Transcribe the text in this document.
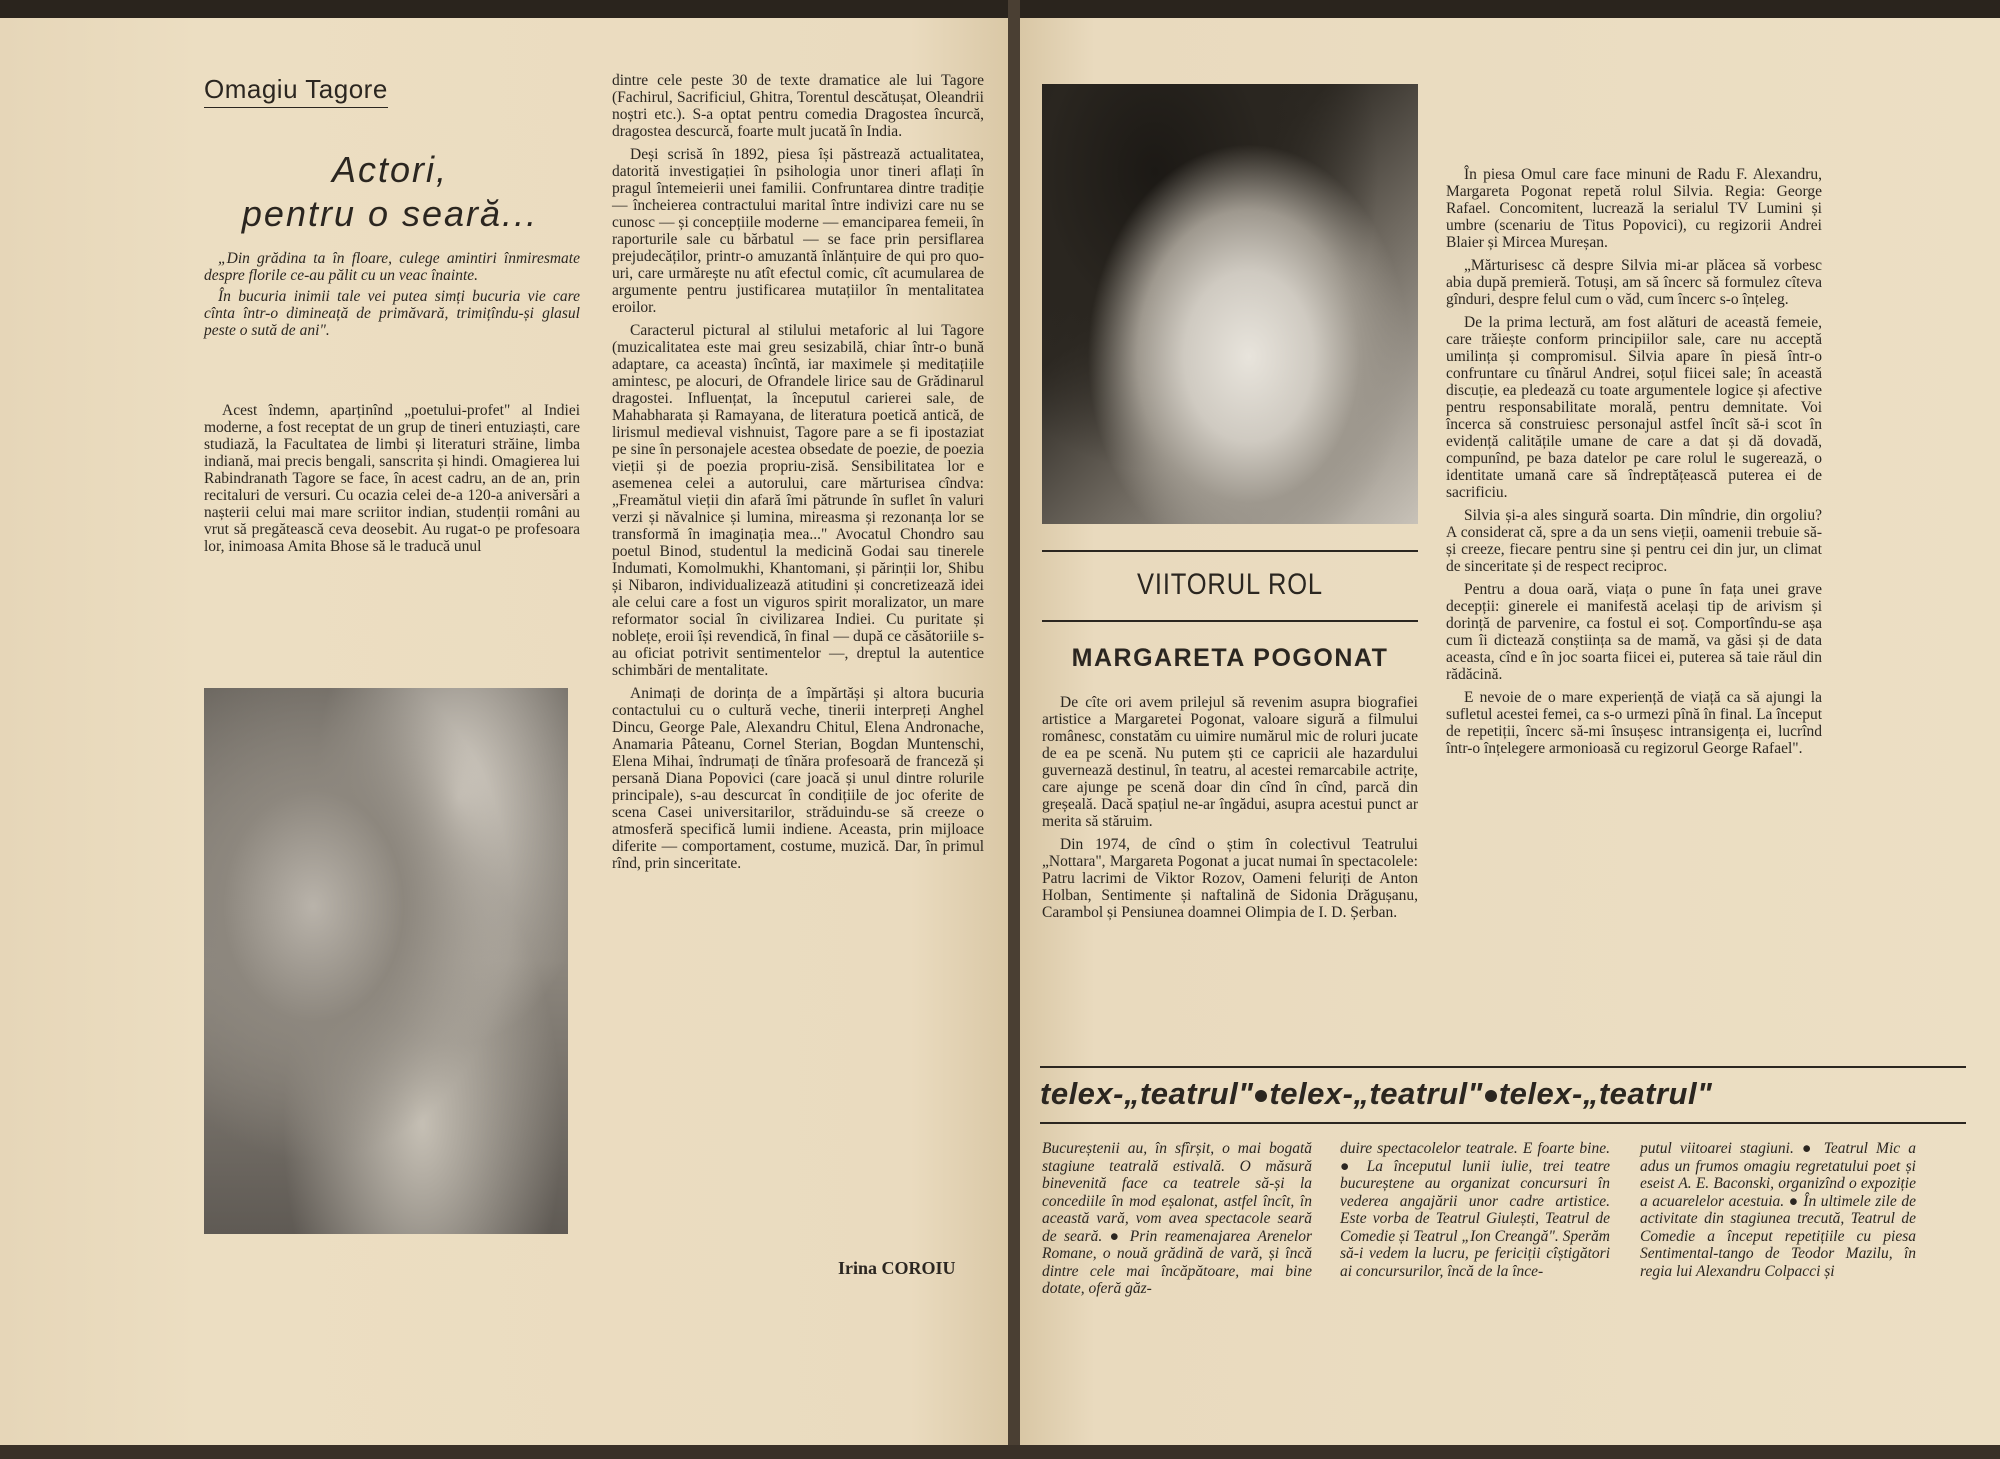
Omagiu Tagore
Actori,
pentru o seară...

„Din grădina ta în floare, culege amintiri înmiresmate despre florile ce-au pălit cu un veac înainte.

În bucuria inimii tale vei putea simți bucuria vie care cînta într-o dimineață de primăvară, trimițîndu-și glasul peste o sută de ani".

Acest îndemn, aparținînd „poetului-profet" al Indiei moderne, a fost receptat de un grup de tineri entuziaști, care studiază, la Facultatea de limbi și literaturi străine, limba indiană, mai precis bengali, sanscrita și hindi. Omagierea lui Rabindranath Tagore se face, în acest cadru, an de an, prin recitaluri de versuri. Cu ocazia celei de-a 120-a aniversări a nașterii celui mai mare scriitor indian, studenții români au vrut să pregătească ceva deosebit. Au rugat-o pe profesoara lor, inimoasa Amita Bhose să le traducă unul

dintre cele peste 30 de texte dramatice ale lui Tagore (Fachirul, Sacrificiul, Ghitra, Torentul descătușat, Oleandrii noștri etc.). S-a optat pentru comedia Dragostea încurcă, dragostea descurcă, foarte mult jucată în India.

Deși scrisă în 1892, piesa își păstrează actualitatea, datorită investigației în psihologia unor tineri aflați în pragul întemeierii unei familii. Confruntarea dintre tradiție — încheierea contractului marital între indivizi care nu se cunosc — și concepțiile moderne — emanciparea femeii, în raporturile sale cu bărbatul — se face prin persiflarea prejudecăților, printr-o amuzantă înlănțuire de qui pro quo-uri, care urmărește nu atît efectul comic, cît acumularea de argumente pentru justificarea mutațiilor în mentalitatea eroilor.

Caracterul pictural al stilului metaforic al lui Tagore (muzicalitatea este mai greu sesizabilă, chiar într-o bună adaptare, ca aceasta) încîntă, iar maximele și meditațiile amintesc, pe alocuri, de Ofrandele lirice sau de Grădinarul dragostei. Influențat, la începutul carierei sale, de Mahabharata și Ramayana, de literatura poetică antică, de lirismul medieval vishnuist, Tagore pare a se fi ipostaziat pe sine în personajele acestea obsedate de poezie, de poezia vieții și de poezia propriu-zisă. Sensibilitatea lor e asemenea celei a autorului, care mărturisea cîndva: „Freamătul vieții din afară îmi pătrunde în suflet în valuri verzi și năvalnice și lumina, mireasma și rezonanța lor se transformă în imaginația mea..." Avocatul Chondro sau poetul Binod, studentul la medicină Godai sau tinerele Indumati, Komolmukhi, Khantomani, și părinții lor, Shibu și Nibaron, individualizează atitudini și concretizează idei ale celui care a fost un viguros spirit moralizator, un mare reformator social în civilizarea Indiei. Cu puritate și noblețe, eroii își revendică, în final — după ce căsătoriile s-au oficiat potrivit sentimentelor —, dreptul la autentice schimbări de mentalitate.

Animați de dorința de a împărtăși și altora bucuria contactului cu o cultură veche, tinerii interpreți Anghel Dincu, George Pale, Alexandru Chitul, Elena Andronache, Anamaria Pâteanu, Cornel Sterian, Bogdan Muntenschi, Elena Mihai, îndrumați de tînăra profesoară de franceză și persană Diana Popovici (care joacă și unul dintre rolurile principale), s-au descurcat în condițiile de joc oferite de scena Casei universitarilor, străduindu-se să creeze o atmosferă specifică lumii indiene. Aceasta, prin mijloace diferite — comportament, costume, muzică. Dar, în primul rînd, prin sinceritate.

Irina COROIU
VIITORUL ROL
MARGARETA POGONAT

De cîte ori avem prilejul să revenim asupra biografiei artistice a Margaretei Pogonat, valoare sigură a filmului românesc, constatăm cu uimire numărul mic de roluri jucate de ea pe scenă. Nu putem ști ce capricii ale hazardului guvernează destinul, în teatru, al acestei remarcabile actrițe, care ajunge pe scenă doar din cînd în cînd, parcă din greșeală. Dacă spațiul ne-ar îngădui, asupra acestui punct ar merita să stăruim.

Din 1974, de cînd o știm în colectivul Teatrului „Nottara", Margareta Pogonat a jucat numai în spectacolele: Patru lacrimi de Viktor Rozov, Oameni feluriți de Anton Holban, Sentimente și naftalină de Sidonia Drăgușanu, Carambol și Pensiunea doamnei Olimpia de I. D. Șerban.

În piesa Omul care face minuni de Radu F. Alexandru, Margareta Pogonat repetă rolul Silvia. Regia: George Rafael. Concomitent, lucrează la serialul TV Lumini și umbre (scenariu de Titus Popovici), cu regizorii Andrei Blaier și Mircea Mureșan.

„Mărturisesc că despre Silvia mi-ar plăcea să vorbesc abia după premieră. Totuși, am să încerc să formulez cîteva gînduri, despre felul cum o văd, cum încerc s-o înțeleg.

De la prima lectură, am fost alături de această femeie, care trăiește conform principiilor sale, care nu acceptă umilința și compromisul. Silvia apare în piesă într-o confruntare cu tînărul Andrei, soțul fiicei sale; în această discuție, ea pledează cu toate argumentele logice și afective pentru responsabilitate morală, pentru demnitate. Voi încerca să construiesc personajul astfel încît să-i scot în evidență calitățile umane de care a dat și dă dovadă, compunînd, pe baza datelor pe care rolul le sugerează, o identitate umană care să îndreptățească puterea ei de sacrificiu.

Silvia și-a ales singură soarta. Din mîndrie, din orgoliu? A considerat că, spre a da un sens vieții, oamenii trebuie să-și creeze, fiecare pentru sine și pentru cei din jur, un climat de sinceritate și de respect reciproc.

Pentru a doua oară, viața o pune în fața unei grave decepții: ginerele ei manifestă același tip de arivism și dorință de parvenire, ca fostul ei soț. Comportîndu-se așa cum îi dictează conștiința sa de mamă, va găsi și de data aceasta, cînd e în joc soarta fiicei ei, puterea să taie răul din rădăcină.

E nevoie de o mare experiență de viață ca să ajungi la sufletul acestei femei, ca s-o urmezi pînă în final. La început de repetiții, încerc să-mi însușesc intransigența ei, lucrînd într-o înțelegere armonioasă cu regizorul George Rafael".

telex-„teatrul" telex-„teatrul" telex-„teatrul"

Bucureștenii au, în sfîrșit, o mai bogată stagiune teatrală estivală. O măsură binevenită face ca teatrele să-și la concediile în mod eșalonat, astfel încît, în această vară, vom avea spectacole seară de seară. ● Prin reamenajarea Arenelor Romane, o nouă grădină de vară, și încă dintre cele mai încăpătoare, mai bine dotate, oferă găz-

duire spectacolelor teatrale. E foarte bine. ● La începutul lunii iulie, trei teatre bucureștene au organizat concursuri în vederea angajării unor cadre artistice. Este vorba de Teatrul Giulești, Teatrul de Comedie și Teatrul „Ion Creangă". Sperăm să-i vedem la lucru, pe fericiții cîștigători ai concursurilor, încă de la înce-

putul viitoarei stagiuni. ● Teatrul Mic a adus un frumos omagiu regretatului poet și eseist A. E. Baconski, organizînd o expoziție a acuarelelor acestuia. ● În ultimele zile de activitate din stagiunea trecută, Teatrul de Comedie a început repetițiile cu piesa Sentimental-tango de Teodor Mazilu, în regia lui Alexandru Colpacci și
